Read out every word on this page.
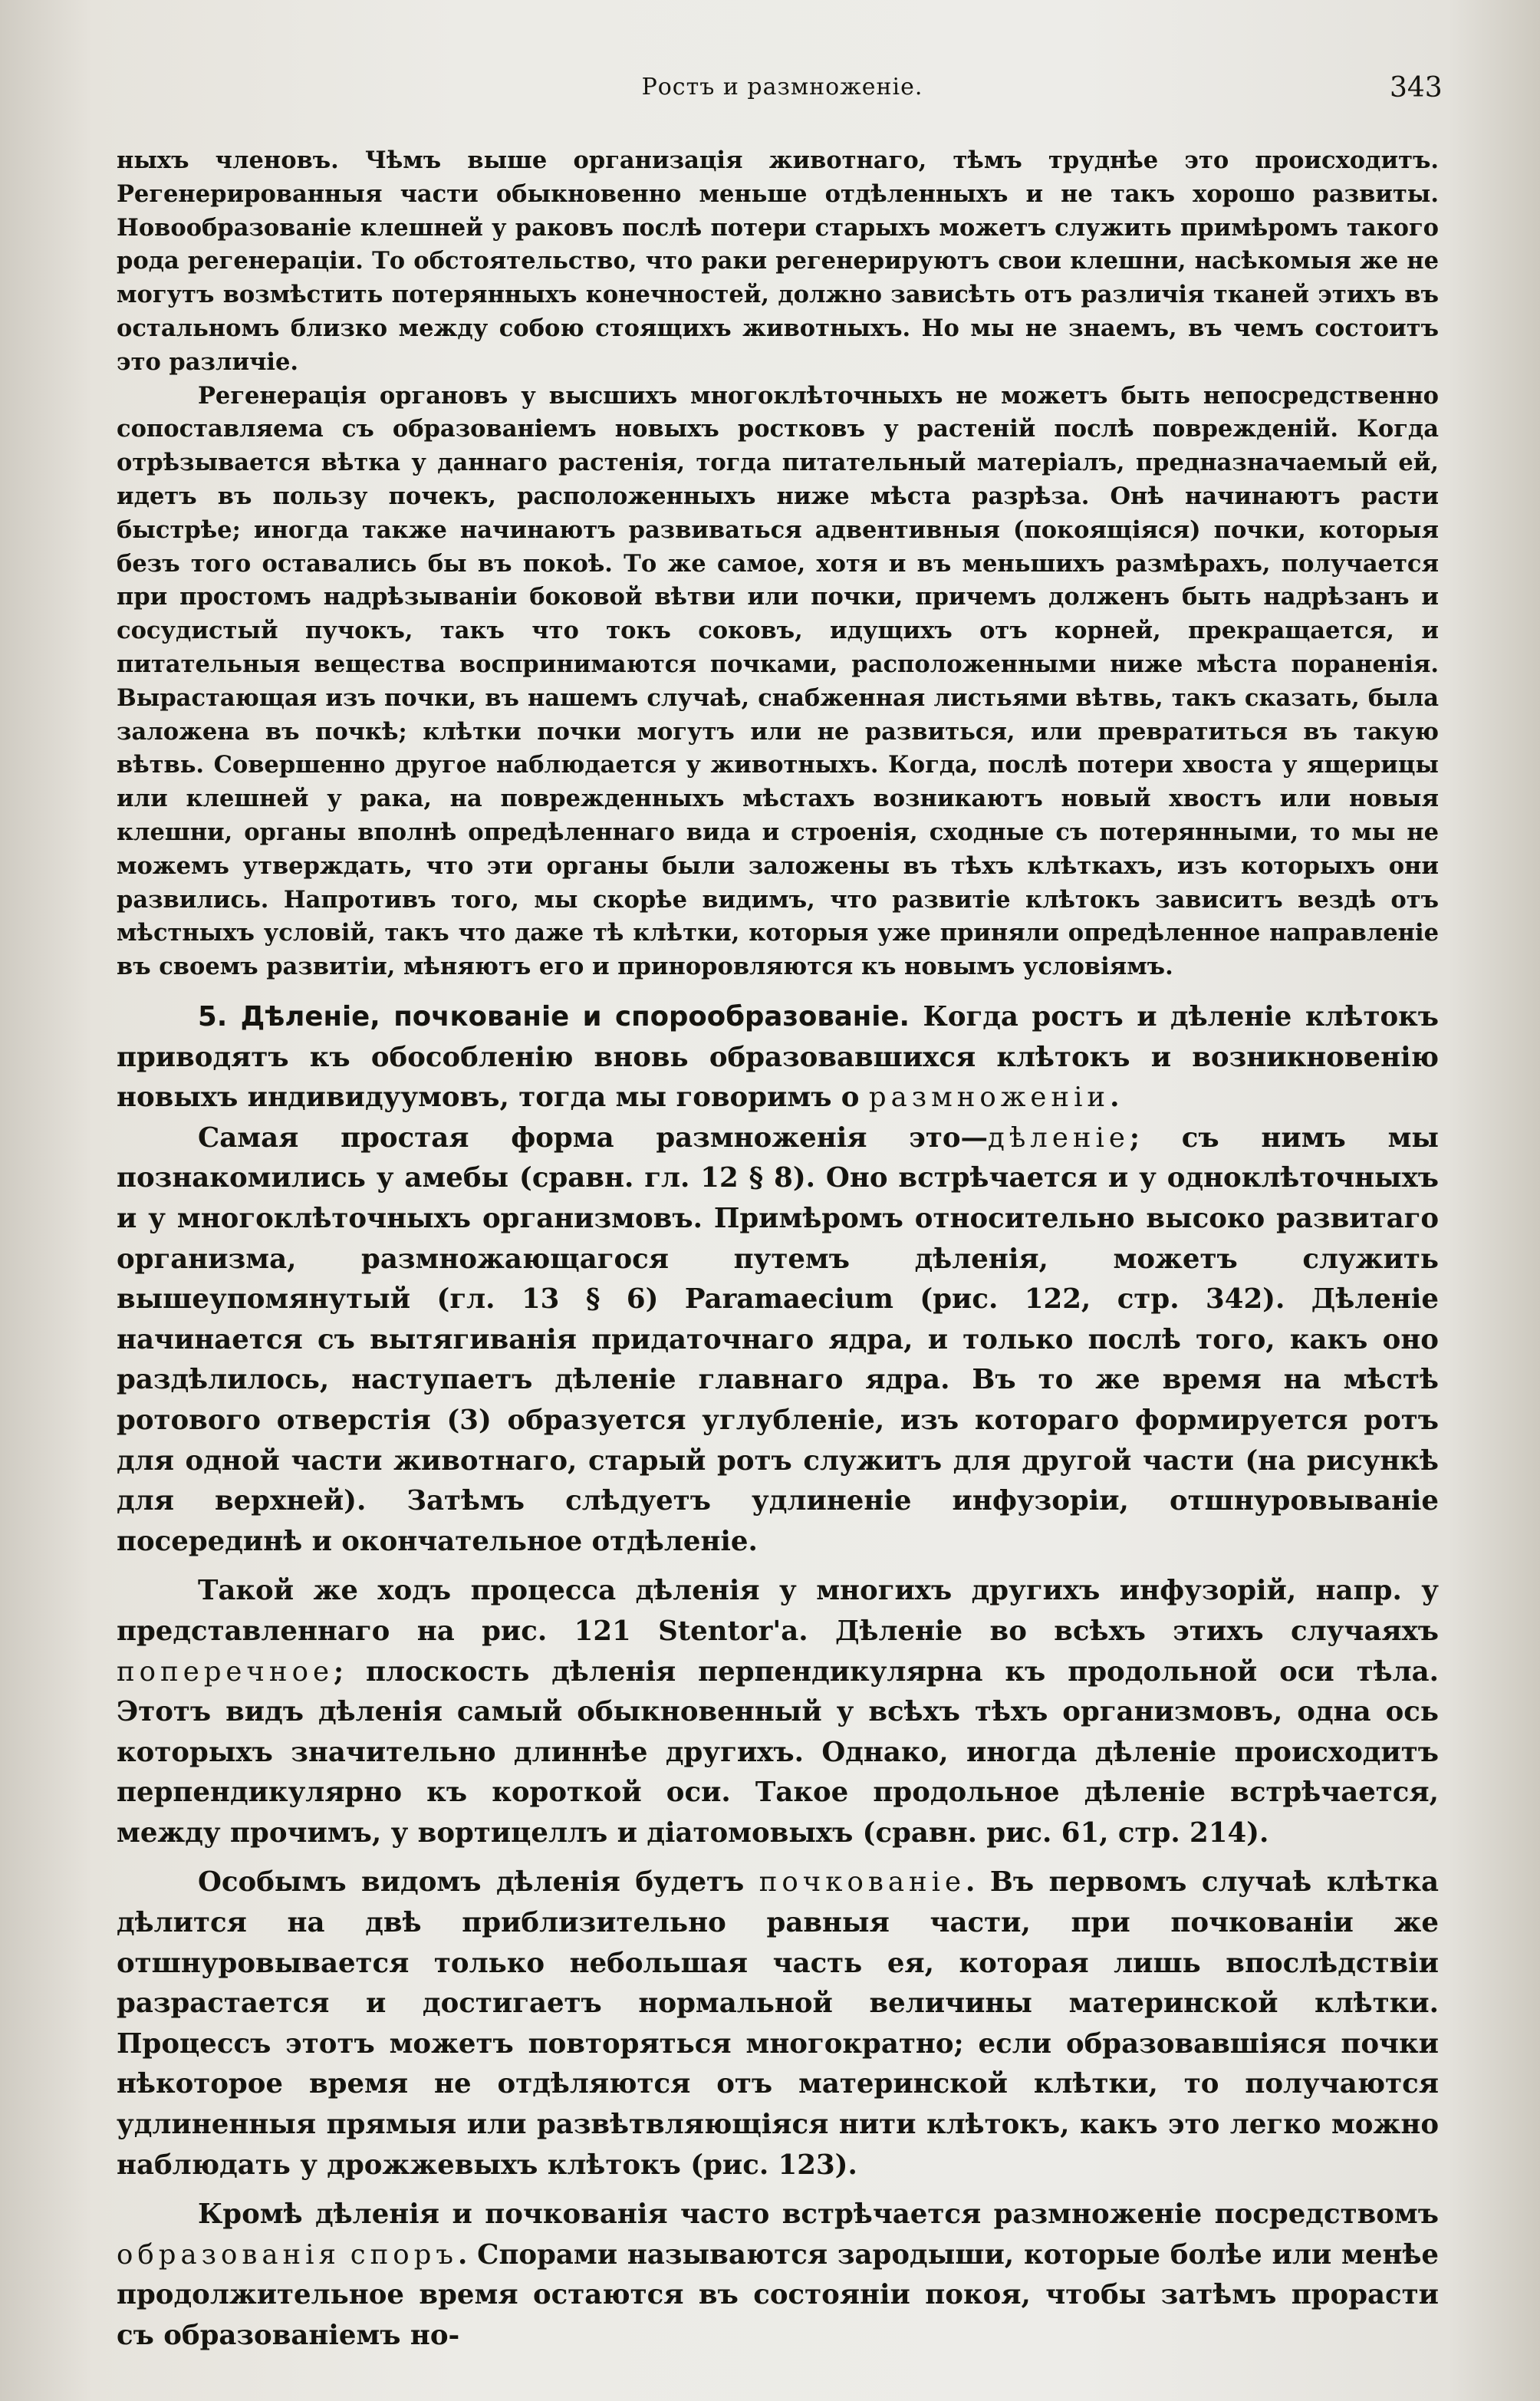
Ростъ и размноженіе.	343

ныхъ членовъ. Чѣмъ выше организація животнаго, тѣмъ труднѣе это происходитъ. Регенерированныя части обыкновенно меньше отдѣленныхъ и не такъ хорошо развиты. Новообразованіе клешней у раковъ послѣ потери старыхъ можетъ служить примѣромъ такого рода регенераціи. То обстоятельство, что раки регенерируютъ свои клешни, насѣкомыя же не могутъ возмѣстить потерянныхъ конечностей, должно зависѣть отъ различія тканей этихъ въ остальномъ близко между собою стоящихъ животныхъ. Но мы не знаемъ, въ чемъ состоитъ это различіе.

Регенерація органовъ у высшихъ многоклѣточныхъ не можетъ быть непосредственно сопоставляема съ образованіемъ новыхъ ростковъ у растеній послѣ поврежденій. Когда отрѣзывается вѣтка у даннаго растенія, тогда питательный матеріалъ, предназначаемый ей, идетъ въ пользу почекъ, расположенныхъ ниже мѣста разрѣза. Онѣ начинаютъ расти быстрѣе; иногда также начинаютъ развиваться адвентивныя (покоящіяся) почки, которыя безъ того оставались бы въ покоѣ. То же самое, хотя и въ меньшихъ размѣрахъ, получается при простомъ надрѣзываніи боковой вѣтви или почки, причемъ долженъ быть надрѣзанъ и сосудистый пучокъ, такъ что токъ соковъ, идущихъ отъ корней, прекращается, и питательныя вещества воспринимаются почками, расположенными ниже мѣста пораненія. Вырастающая изъ почки, въ нашемъ случаѣ, снабженная листьями вѣтвь, такъ сказать, была заложена въ почкѣ; клѣтки почки могутъ или не развиться, или превратиться въ такую вѣтвь. Совершенно другое наблюдается у животныхъ. Когда, послѣ потери хвоста у ящерицы или клешней у рака, на поврежденныхъ мѣстахъ возникаютъ новый хвостъ или новыя клешни, органы вполнѣ опредѣленнаго вида и строенія, сходные съ потерянными, то мы не можемъ утверждать, что эти органы были заложены въ тѣхъ клѣткахъ, изъ которыхъ они развились. Напротивъ того, мы скорѣе видимъ, что развитіе клѣтокъ зависитъ вездѣ отъ мѣстныхъ условій, такъ что даже тѣ клѣтки, которыя уже приняли опредѣленное направленіе въ своемъ развитіи, мѣняютъ его и приноровляются къ новымъ условіямъ.

5. Дѣленіе, почкованіе и спорообразованіе. Когда ростъ и дѣленіе клѣтокъ приводятъ къ обособленію вновь образовавшихся клѣтокъ и возникновенію новыхъ индивидуумовъ, тогда мы говоримъ о размноженіи.

Самая простая форма размноженія это—дѣленіе; съ нимъ мы познакомились у амебы (сравн. гл. 12 § 8). Оно встрѣчается и у одноклѣточныхъ и у многоклѣточныхъ организмовъ. Примѣромъ относительно высоко развитаго организма, размножающагося путемъ дѣленія, можетъ служить вышеупомянутый (гл. 13 § 6) Paramaecium (рис. 122, стр. 342). Дѣленіе начинается съ вытягиванія придаточнаго ядра, и только послѣ того, какъ оно раздѣлилось, наступаетъ дѣленіе главнаго ядра. Въ то же время на мѣстѣ ротового отверстія (3) образуется углубленіе, изъ котораго формируется ротъ для одной части животнаго, старый ротъ служитъ для другой части (на рисункѣ для верхней). Затѣмъ слѣдуетъ удлиненіе инфузоріи, отшнуровываніе посерединѣ и окончательное отдѣленіе.

Такой же ходъ процесса дѣленія у многихъ другихъ инфузорій, напр. у представленнаго на рис. 121 Stentor'а. Дѣленіе во всѣхъ этихъ случаяхъ поперечное; плоскость дѣленія перпендикулярна къ продольной оси тѣла. Этотъ видъ дѣленія самый обыкновенный у всѣхъ тѣхъ организмовъ, одна ось которыхъ значительно длиннѣе другихъ. Однако, иногда дѣленіе происходитъ перпендикулярно къ короткой оси. Такое продольное дѣленіе встрѣчается, между прочимъ, у вортицеллъ и діатомовыхъ (сравн. рис. 61, стр. 214).

Особымъ видомъ дѣленія будетъ почкованіе. Въ первомъ случаѣ клѣтка дѣлится на двѣ приблизительно равныя части, при почкованіи же отшнуровывается только небольшая часть ея, которая лишь впослѣдствіи разрастается и достигаетъ нормальной величины материнской клѣтки. Процессъ этотъ можетъ повторяться многократно; если образовавшіяся почки нѣкоторое время не отдѣляются отъ материнской клѣтки, то получаются удлиненныя прямыя или развѣтвляющіяся нити клѣтокъ, какъ это легко можно наблюдать у дрожжевыхъ клѣтокъ (рис. 123).

Кромѣ дѣленія и почкованія часто встрѣчается размноженіе посредствомъ образованія споръ. Спорами называются зародыши, которые болѣе или менѣе продолжительное время остаются въ состояніи покоя, чтобы затѣмъ прорасти съ образованіемъ но-
